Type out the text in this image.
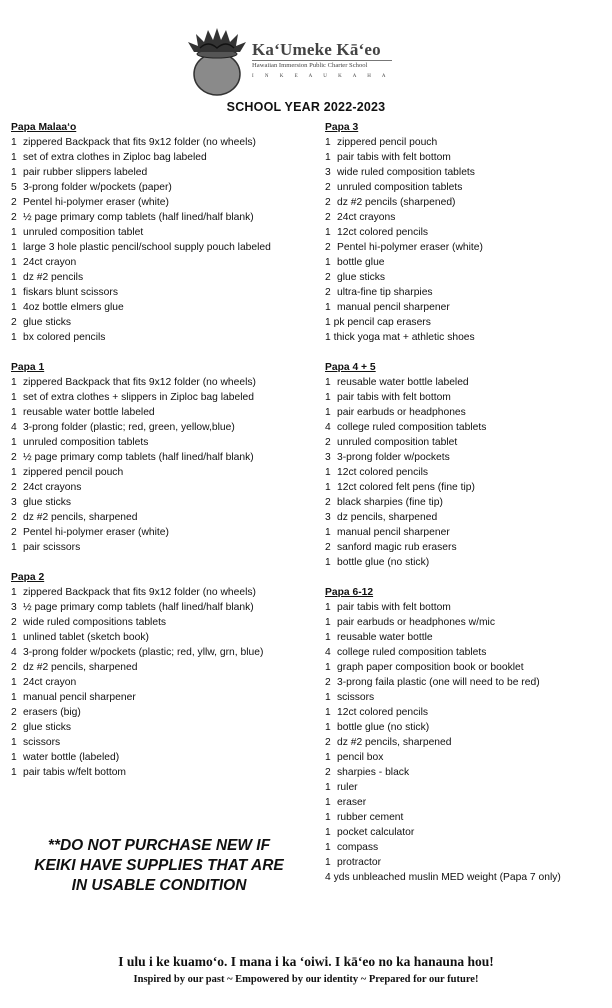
Ka‘Umeke Kā‘eo
Hawaiian Immersion Public Charter School
I N K E A U K A H A
SCHOOL YEAR 2022-2023
Papa Malaa‘o
1 zippered Backpack that fits 9x12 folder (no wheels)
1 set of extra clothes in Ziploc bag labeled
1 pair rubber slippers labeled
5 3-prong folder w/pockets (paper)
2 Pentel hi-polymer eraser (white)
2 ½ page primary comp tablets (half lined/half blank)
1 unruled composition tablet
1 large 3 hole plastic pencil/school supply pouch labeled
1 24ct crayon
1 dz #2 pencils
1 fiskars blunt scissors
1 4oz bottle elmers glue
2 glue sticks
1 bx colored pencils
Papa 1
1 zippered Backpack that fits 9x12 folder (no wheels)
1 set of extra clothes + slippers in Ziploc bag labeled
1 reusable water bottle labeled
4 3-prong folder (plastic; red, green, yellow,blue)
1 unruled composition tablets
2 ½ page primary comp tablets (half lined/half blank)
1 zippered pencil pouch
2 24ct crayons
3 glue sticks
2 dz #2 pencils, sharpened
2 Pentel hi-polymer eraser (white)
1 pair scissors
Papa 2
1 zippered Backpack that fits 9x12 folder (no wheels)
3 ½ page primary comp tablets (half lined/half blank)
2 wide ruled compositions tablets
1 unlined tablet (sketch book)
4 3-prong folder w/pockets (plastic; red, yllw, grn, blue)
2 dz #2 pencils, sharpened
1 24ct crayon
1 manual pencil sharpener
2 erasers (big)
2 glue sticks
1 scissors
1 water bottle (labeled)
1 pair tabis w/felt bottom
Papa 3
1 zippered pencil pouch
1 pair tabis with felt bottom
3 wide ruled composition tablets
2 unruled composition tablets
2 dz #2 pencils (sharpened)
2 24ct crayons
1 12ct colored pencils
2 Pentel hi-polymer eraser (white)
1 bottle glue
2 glue sticks
2 ultra-fine tip sharpies
1 manual pencil sharpener
1 pk pencil cap erasers
1 thick yoga mat + athletic shoes
Papa 4 + 5
1 reusable water bottle labeled
1 pair tabis with felt bottom
1 pair earbuds or headphones
4 college ruled composition tablets
2 unruled composition tablet
3 3-prong folder w/pockets
1 12ct colored pencils
1 12ct colored felt pens (fine tip)
2 black sharpies (fine tip)
3 dz pencils, sharpened
1 manual pencil sharpener
2 sanford magic rub erasers
1 bottle glue (no stick)
Papa 6-12
1 pair tabis with felt bottom
1 pair earbuds or headphones w/mic
1 reusable water bottle
4 college ruled composition tablets
1 graph paper composition book or booklet
2 3-prong faila plastic (one will need to be red)
1 scissors
1 12ct colored pencils
1 bottle glue (no stick)
2 dz #2 pencils, sharpened
1 pencil box
2 sharpies - black
1 ruler
1 eraser
1 rubber cement
1 pocket calculator
1 compass
1 protractor
4 yds unbleached muslin MED weight (Papa 7 only)
**DO NOT PURCHASE NEW IF
KEIKI HAVE SUPPLIES THAT ARE
IN USABLE CONDITION
I ulu i ke kuamo‘o. I mana i ka ‘oiwi. I kā‘eo no ka hanauna hou!
Inspired by our past ~ Empowered by our identity ~ Prepared for our future!
